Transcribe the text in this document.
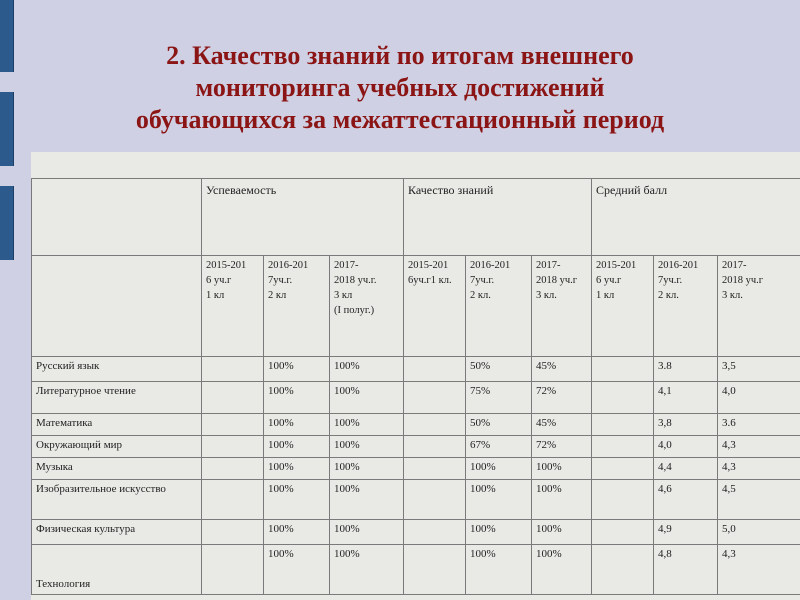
2. Качество знаний по итогам внешнего
мониторинга учебных достижений
обучающихся за межаттестационный период
	Успеваемость			Качество знаний			Средний балл		

	2015-201
6 уч.г
1 кл	2016-201
7уч.г.
2 кл	2017-
2018 уч.г.
3 кл
(I полуг.)	2015-201
6уч.г1 кл.	2016-201
7уч.г.
2 кл.	2017-
2018 уч.г
3 кл.	2015-201
6 уч.г
1 кл	2016-201
7уч.г.
2 кл.	2017-
2018 уч.г
3 кл.

Русский язык		100%	100%		50%	45%		3.8	3,5
Литературное чтение		100%	100%		75%	72%		4,1	4,0
Математика		100%	100%		50%	45%		3,8	3.6
Окружающий мир		100%	100%		67%	72%		4,0	4,3
Музыка		100%	100%		100%	100%		4,4	4,3
Изобразительное искусство		100%	100%		100%	100%		4,6	4,5
Физическая культура		100%	100%		100%	100%		4,9	5,0
Технология		100%	100%		100%	100%		4,8	4,3
